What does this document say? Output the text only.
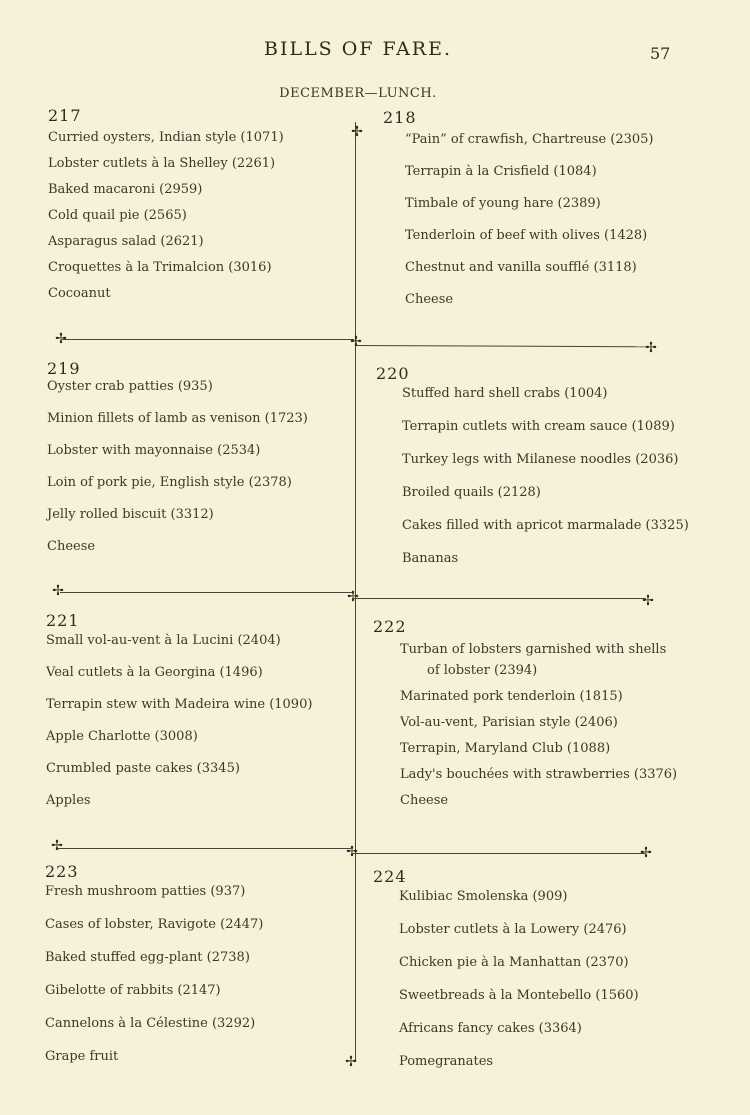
BILLS OF FARE.	57
DECEMBER—LUNCH.
✢
✢	✢	✢
✢	✢	✢
✢	✢	✢
✢
217
Curried oysters, Indian style (1071)
Lobster cutlets à la Shelley (2261)
Baked macaroni (2959)
Cold quail pie (2565)
Asparagus salad (2621)
Croquettes à la Trimalcion (3016)
Cocoanut
218
“Pain” of crawfish, Chartreuse (2305)
Terrapin à la Crisfield (1084)
Timbale of young hare (2389)
Tenderloin of beef with olives (1428)
Chestnut and vanilla soufflé (3118)
Cheese
219
Oyster crab patties (935)
Minion fillets of lamb as venison (1723)
Lobster with mayonnaise (2534)
Loin of pork pie, English style (2378)
Jelly rolled biscuit (3312)
Cheese
220
Stuffed hard shell crabs (1004)
Terrapin cutlets with cream sauce (1089)
Turkey legs with Milanese noodles (2036)
Broiled quails (2128)
Cakes filled with apricot marmalade (3325)
Bananas
221
Small vol-au-vent à la Lucini (2404)
Veal cutlets à la Georgina (1496)
Terrapin stew with Madeira wine (1090)
Apple Charlotte (3008)
Crumbled paste cakes (3345)
Apples
222
Turban of lobsters garnished with shells
of lobster (2394)
Marinated pork tenderloin (1815)
Vol-au-vent, Parisian style (2406)
Terrapin, Maryland Club (1088)
Lady's bouchées with strawberries (3376)
Cheese
223
Fresh mushroom patties (937)
Cases of lobster, Ravigote (2447)
Baked stuffed egg-plant (2738)
Gibelotte of rabbits (2147)
Cannelons à la Célestine (3292)
Grape fruit
224
Kulibiac Smolenska (909)
Lobster cutlets à la Lowery (2476)
Chicken pie à la Manhattan (2370)
Sweetbreads à la Montebello (1560)
Africans fancy cakes (3364)
Pomegranates
